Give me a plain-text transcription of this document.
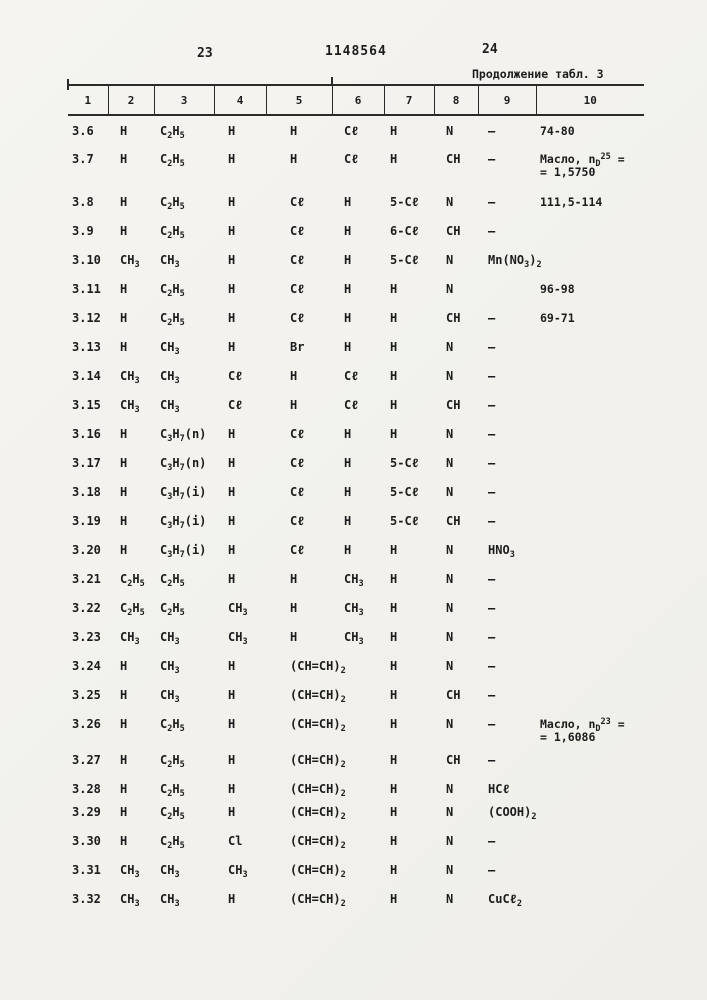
23	1148564	24
Продолжение табл. 3
1	2	3	4	5	6	7	8	9	10
3.6	H	$C_2H_5$	H	H	Cℓ	H	N	–	74-80
3.7	H	$C_2H_5$	H	H	Cℓ	H	CH	–	Масло, $n_D^{25}$ =
= 1,5750
3.8	H	$C_2H_5$	H	Cℓ	H	5-Cℓ	N	–	111,5-114
3.9	H	$C_2H_5$	H	Cℓ	H	6-Cℓ	CH	–	
3.10	$CH_3$	$CH_3$	H	Cℓ	H	5-Cℓ	N	$Mn(NO_3)_2$	
3.11	H	$C_2H_5$	H	Cℓ	H	H	N		96-98
3.12	H	$C_2H_5$	H	Cℓ	H	H	CH	–	69-71
3.13	H	$CH_3$	H	Br	H	H	N	–	
3.14	$CH_3$	$CH_3$	Cℓ	H	Cℓ	H	N	–	
3.15	$CH_3$	$CH_3$	Cℓ	H	Cℓ	H	CH	–	
3.16	H	$C_3H_7(n)$	H	Cℓ	H	H	N	–	
3.17	H	$C_3H_7(n)$	H	Cℓ	H	5-Cℓ	N	–	
3.18	H	$C_3H_7(i)$	H	Cℓ	H	5-Cℓ	N	–	
3.19	H	$C_3H_7(i)$	H	Cℓ	H	5-Cℓ	CH	–	
3.20	H	$C_3H_7(i)$	H	Cℓ	H	H	N	$HNO_3$	
3.21	$C_2H_5$	$C_2H_5$	H	H	$CH_3$	H	N	–	
3.22	$C_2H_5$	$C_2H_5$	$CH_3$	H	$CH_3$	H	N	–	
3.23	$CH_3$	$CH_3$	$CH_3$	H	$CH_3$	H	N	–	
3.24	H	$CH_3$	H	$(CH=CH)_2$		H	N	–	
3.25	H	$CH_3$	H	$(CH=CH)_2$		H	CH	–	
3.26	H	$C_2H_5$	H	$(CH=CH)_2$		H	N	–	Масло, $n_D^{23}$ =
= 1,6086
3.27	H	$C_2H_5$	H	$(CH=CH)_2$		H	CH	–	
3.28	H	$C_2H_5$	H	$(CH=CH)_2$		H	N	HCℓ	
3.29	H	$C_2H_5$	H	$(CH=CH)_2$		H	N	$(COOH)_2$	
3.30	H	$C_2H_5$	Cl	$(CH=CH)_2$		H	N	–	
3.31	$CH_3$	$CH_3$	$CH_3$	$(CH=CH)_2$		H	N	–	
3.32	$CH_3$	$CH_3$	H	$(CH=CH)_2$		H	N	CuCℓ$_2$	
